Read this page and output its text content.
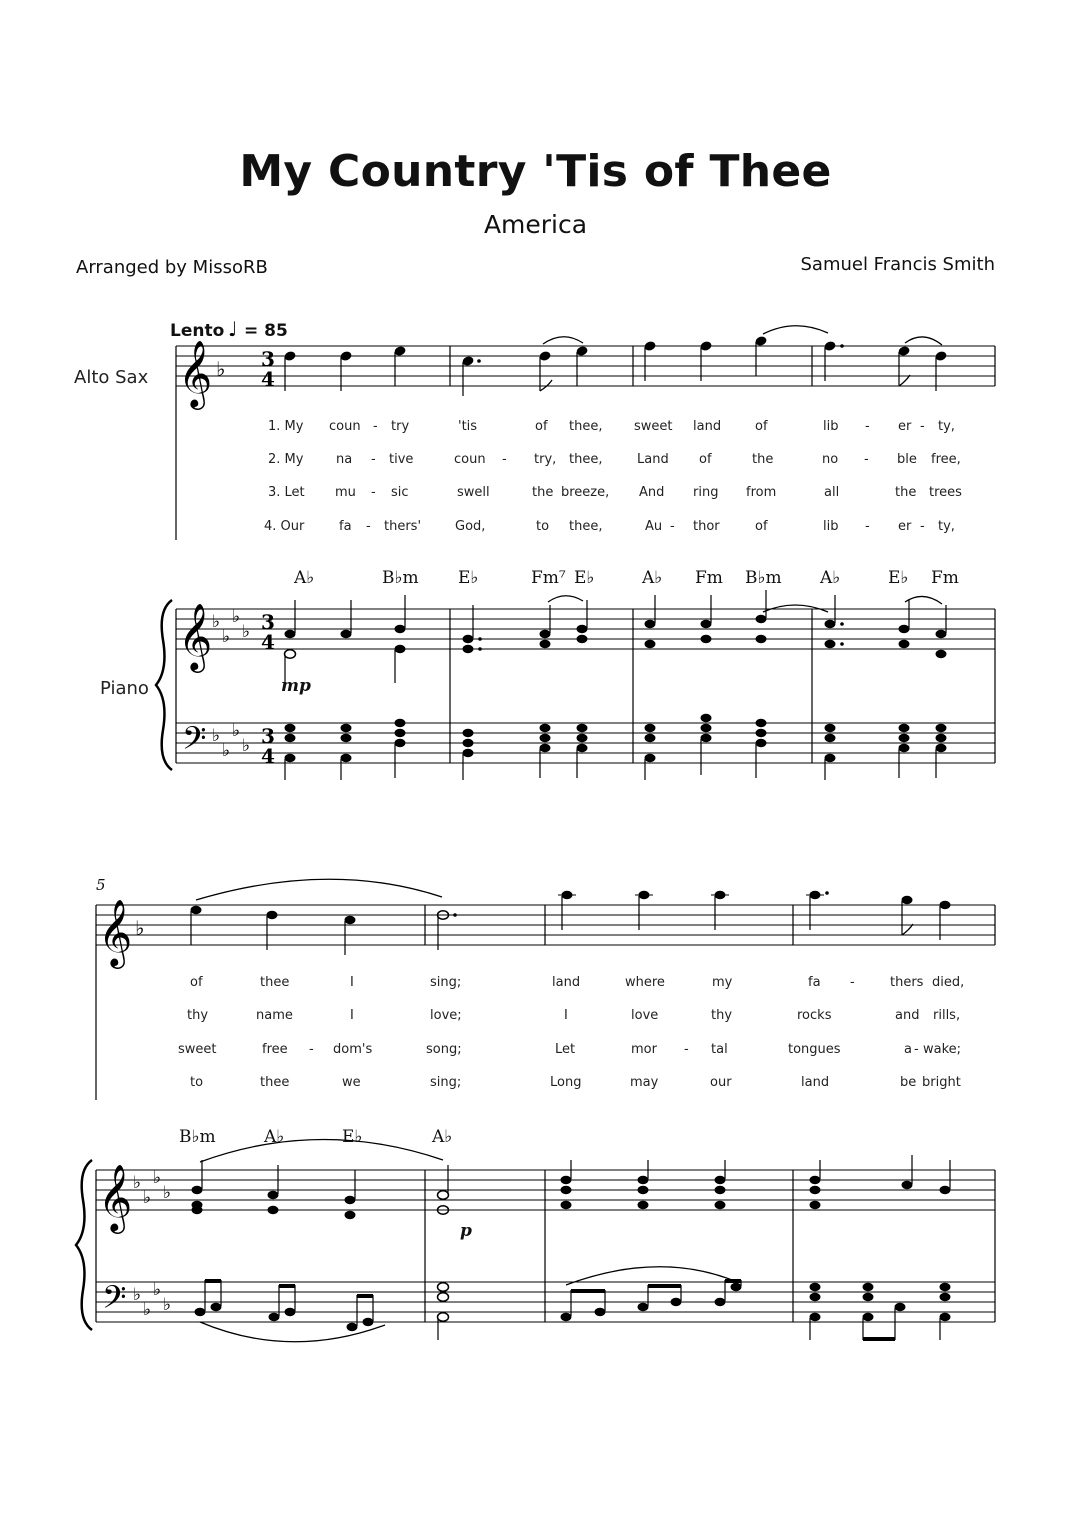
My Country 'Tis of Thee
America
Arranged by MissoRB	Samuel Francis Smith
Lento ♩ = 85
Alto Sax
Piano
𝄞 ♭ 3
4
1. My coun - try	'tis	of thee, sweet land	of	lib - er - ty,
2. My	na - tive	coun - try, thee,	Land of	the	no - ble free,
3. Let mu	sic
-	swell	the breeze, And ring from	all	the trees
4. Our	fa - thers'	God,	to thee,	Au - thor	of	lib - er - ty,
A♭	B♭m E♭	Fm⁷ E♭	A♭ Fm B♭m A♭	E♭ Fm
𝄞
𝄢
♭
♭
♭
♭
♭
♭
♭
♭
3
4
3
4
mp
5
𝄞 ♭
of	thee	I	sing;	land	where	my	fa -	thers died,
thy	name	I	love;	I	love	thy	rocks	and rills,
sweet	free - dom's	song;	Let	mor - tal	tongues	a - wake;
to	thee	we	sing;	Long	may	our	land	be bright
B♭m	A♭	E♭	A♭
𝄞
𝄢
♭
♭
♭
♭
♭
♭
♭
♭
p
